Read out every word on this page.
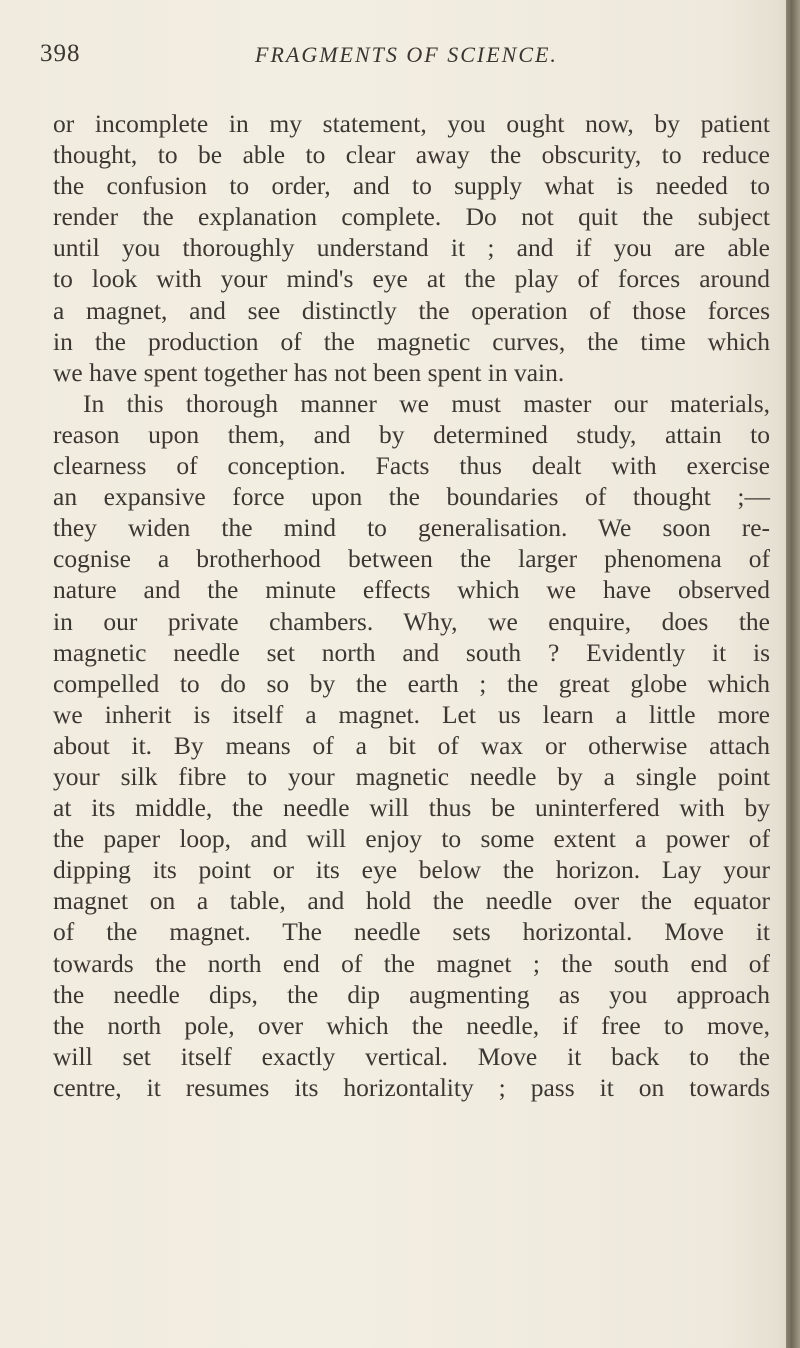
398	FRAGMENTS OF SCIENCE.
or incomplete in my statement, you ought now, by patient
thought, to be able to clear away the obscurity, to reduce
the confusion to order, and to supply what is needed to
render the explanation complete. Do not quit the subject
until you thoroughly understand it ; and if you are able
to look with your mind's eye at the play of forces around
a magnet, and see distinctly the operation of those forces
in the production of the magnetic curves, the time which
we have spent together has not been spent in vain.
In this thorough manner we must master our materials,
reason upon them, and by determined study, attain to
clearness of conception. Facts thus dealt with exercise
an expansive force upon the boundaries of thought ;—
they widen the mind to generalisation. We soon re-
cognise a brotherhood between the larger phenomena of
nature and the minute effects which we have observed
in our private chambers. Why, we enquire, does the
magnetic needle set north and south ? Evidently it is
compelled to do so by the earth ; the great globe which
we inherit is itself a magnet. Let us learn a little more
about it. By means of a bit of wax or otherwise attach
your silk fibre to your magnetic needle by a single point
at its middle, the needle will thus be uninterfered with by
the paper loop, and will enjoy to some extent a power of
dipping its point or its eye below the horizon. Lay your
magnet on a table, and hold the needle over the equator
of the magnet. The needle sets horizontal. Move it
towards the north end of the magnet ; the south end of
the needle dips, the dip augmenting as you approach
the north pole, over which the needle, if free to move,
will set itself exactly vertical. Move it back to the
centre, it resumes its horizontality ; pass it on towards
